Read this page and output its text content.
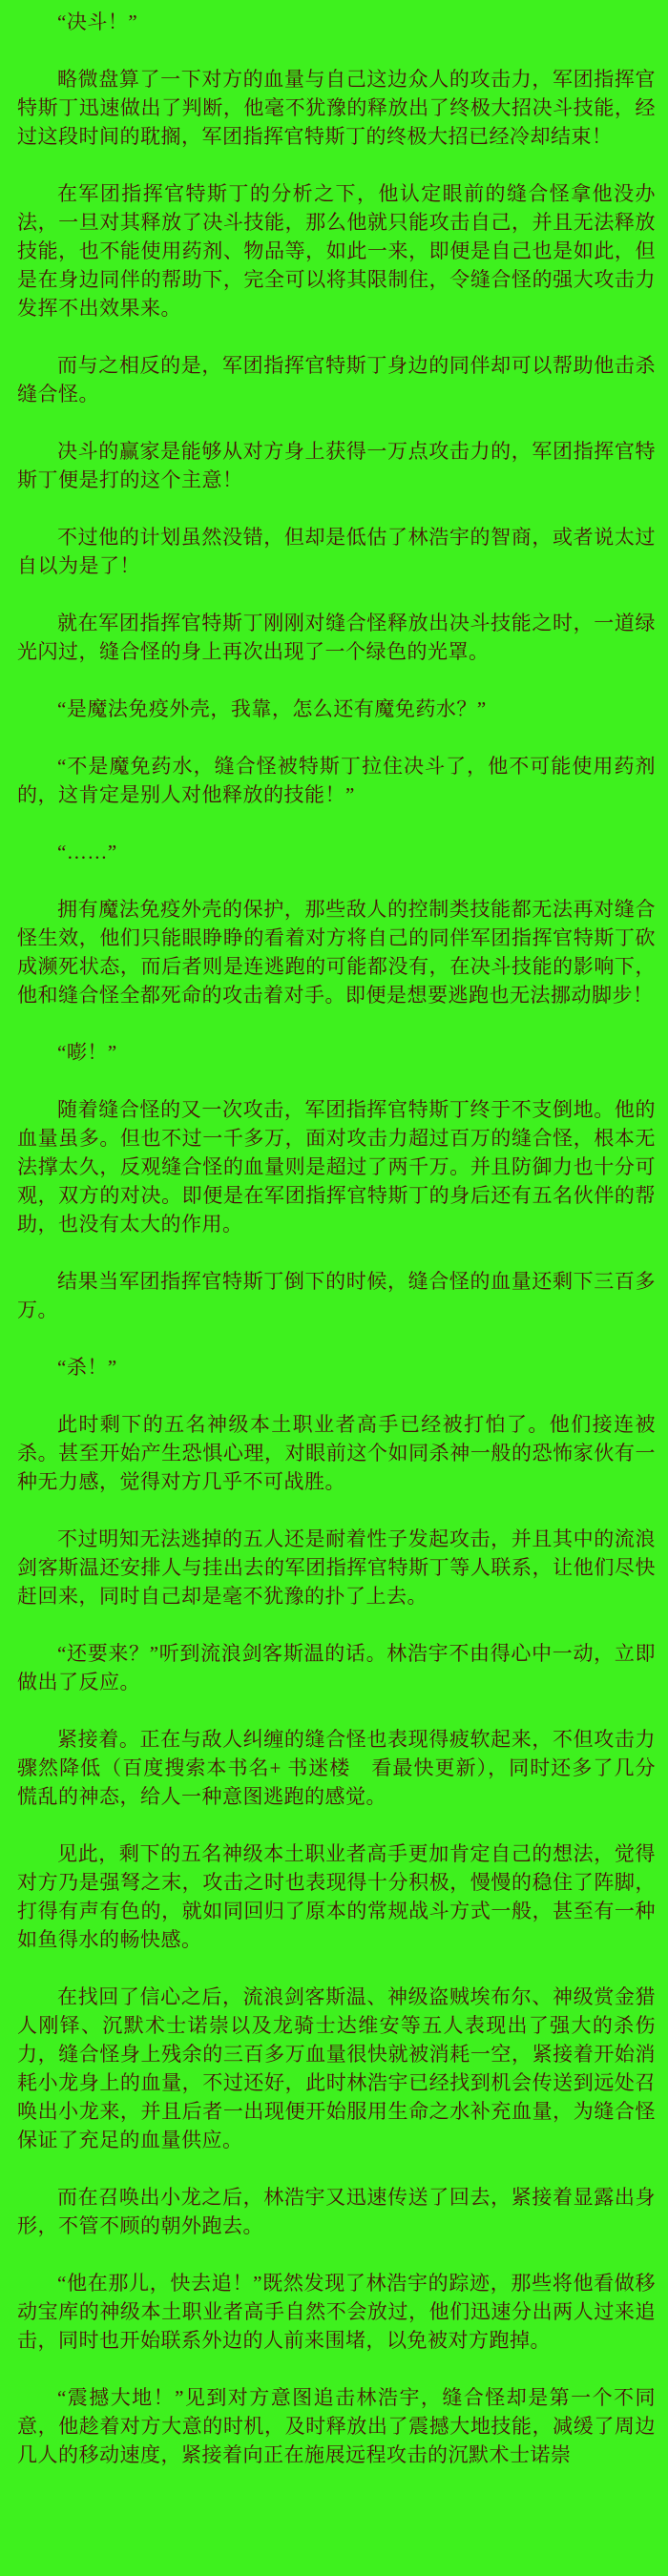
“决斗！”

略微盘算了一下对方的血量与自己这边众人的攻击力，军团指挥官特斯丁迅速做出了判断，他毫不犹豫的释放出了终极大招决斗技能，经过这段时间的耽搁，军团指挥官特斯丁的终极大招已经冷却结束！

在军团指挥官特斯丁的分析之下，他认定眼前的缝合怪拿他没办法，一旦对其释放了决斗技能，那么他就只能攻击自己，并且无法释放技能，也不能使用药剂、物品等，如此一来，即便是自己也是如此，但是在身边同伴的帮助下，完全可以将其限制住，令缝合怪的强大攻击力发挥不出效果来。

而与之相反的是，军团指挥官特斯丁身边的同伴却可以帮助他击杀缝合怪。

决斗的赢家是能够从对方身上获得一万点攻击力的，军团指挥官特斯丁便是打的这个主意！

不过他的计划虽然没错，但却是低估了林浩宇的智商，或者说太过自以为是了！

就在军团指挥官特斯丁刚刚对缝合怪释放出决斗技能之时，一道绿光闪过，缝合怪的身上再次出现了一个绿色的光罩。

“是魔法免疫外壳，我靠，怎么还有魔免药水？”

“不是魔免药水，缝合怪被特斯丁拉住决斗了，他不可能使用药剂的，这肯定是别人对他释放的技能！”

“……”

拥有魔法免疫外壳的保护，那些敌人的控制类技能都无法再对缝合怪生效，他们只能眼睁睁的看着对方将自己的同伴军团指挥官特斯丁砍成濒死状态，而后者则是连逃跑的可能都没有，在决斗技能的影响下，他和缝合怪全都死命的攻击着对手。即便是想要逃跑也无法挪动脚步！

“嘭！”

随着缝合怪的又一次攻击，军团指挥官特斯丁终于不支倒地。他的血量虽多。但也不过一千多万，面对攻击力超过百万的缝合怪，根本无法撑太久，反观缝合怪的血量则是超过了两千万。并且防御力也十分可观，双方的对决。即便是在军团指挥官特斯丁的身后还有五名伙伴的帮助，也没有太大的作用。

结果当军团指挥官特斯丁倒下的时候，缝合怪的血量还剩下三百多万。

“杀！”

此时剩下的五名神级本土职业者高手已经被打怕了。他们接连被杀。甚至开始产生恐惧心理，对眼前这个如同杀神一般的恐怖家伙有一种无力感，觉得对方几乎不可战胜。

不过明知无法逃掉的五人还是耐着性子发起攻击，并且其中的流浪剑客斯温还安排人与挂出去的军团指挥官特斯丁等人联系，让他们尽快赶回来，同时自己却是毫不犹豫的扑了上去。

“还要来？”听到流浪剑客斯温的话。林浩宇不由得心中一动，立即做出了反应。

紧接着。正在与敌人纠缠的缝合怪也表现得疲软起来，不但攻击力骤然降低（百度搜索本书名+ 书迷楼　看最快更新），同时还多了几分慌乱的神态，给人一种意图逃跑的感觉。

见此，剩下的五名神级本土职业者高手更加肯定自己的想法，觉得对方乃是强弩之末，攻击之时也表现得十分积极，慢慢的稳住了阵脚，打得有声有色的，就如同回归了原本的常规战斗方式一般，甚至有一种如鱼得水的畅快感。

在找回了信心之后，流浪剑客斯温、神级盗贼埃布尔、神级赏金猎人刚铎、沉默术士诺崇以及龙骑士达维安等五人表现出了强大的杀伤力，缝合怪身上残余的三百多万血量很快就被消耗一空，紧接着开始消耗小龙身上的血量，不过还好，此时林浩宇已经找到机会传送到远处召唤出小龙来，并且后者一出现便开始服用生命之水补充血量，为缝合怪保证了充足的血量供应。

而在召唤出小龙之后，林浩宇又迅速传送了回去，紧接着显露出身形，不管不顾的朝外跑去。

“他在那儿，快去追！”既然发现了林浩宇的踪迹，那些将他看做移动宝库的神级本土职业者高手自然不会放过，他们迅速分出两人过来追击，同时也开始联系外边的人前来围堵，以免被对方跑掉。

“震撼大地！”见到对方意图追击林浩宇，缝合怪却是第一个不同意，他趁着对方大意的时机，及时释放出了震撼大地技能，减缓了周边几人的移动速度，紧接着向正在施展远程攻击的沉默术士诺崇
